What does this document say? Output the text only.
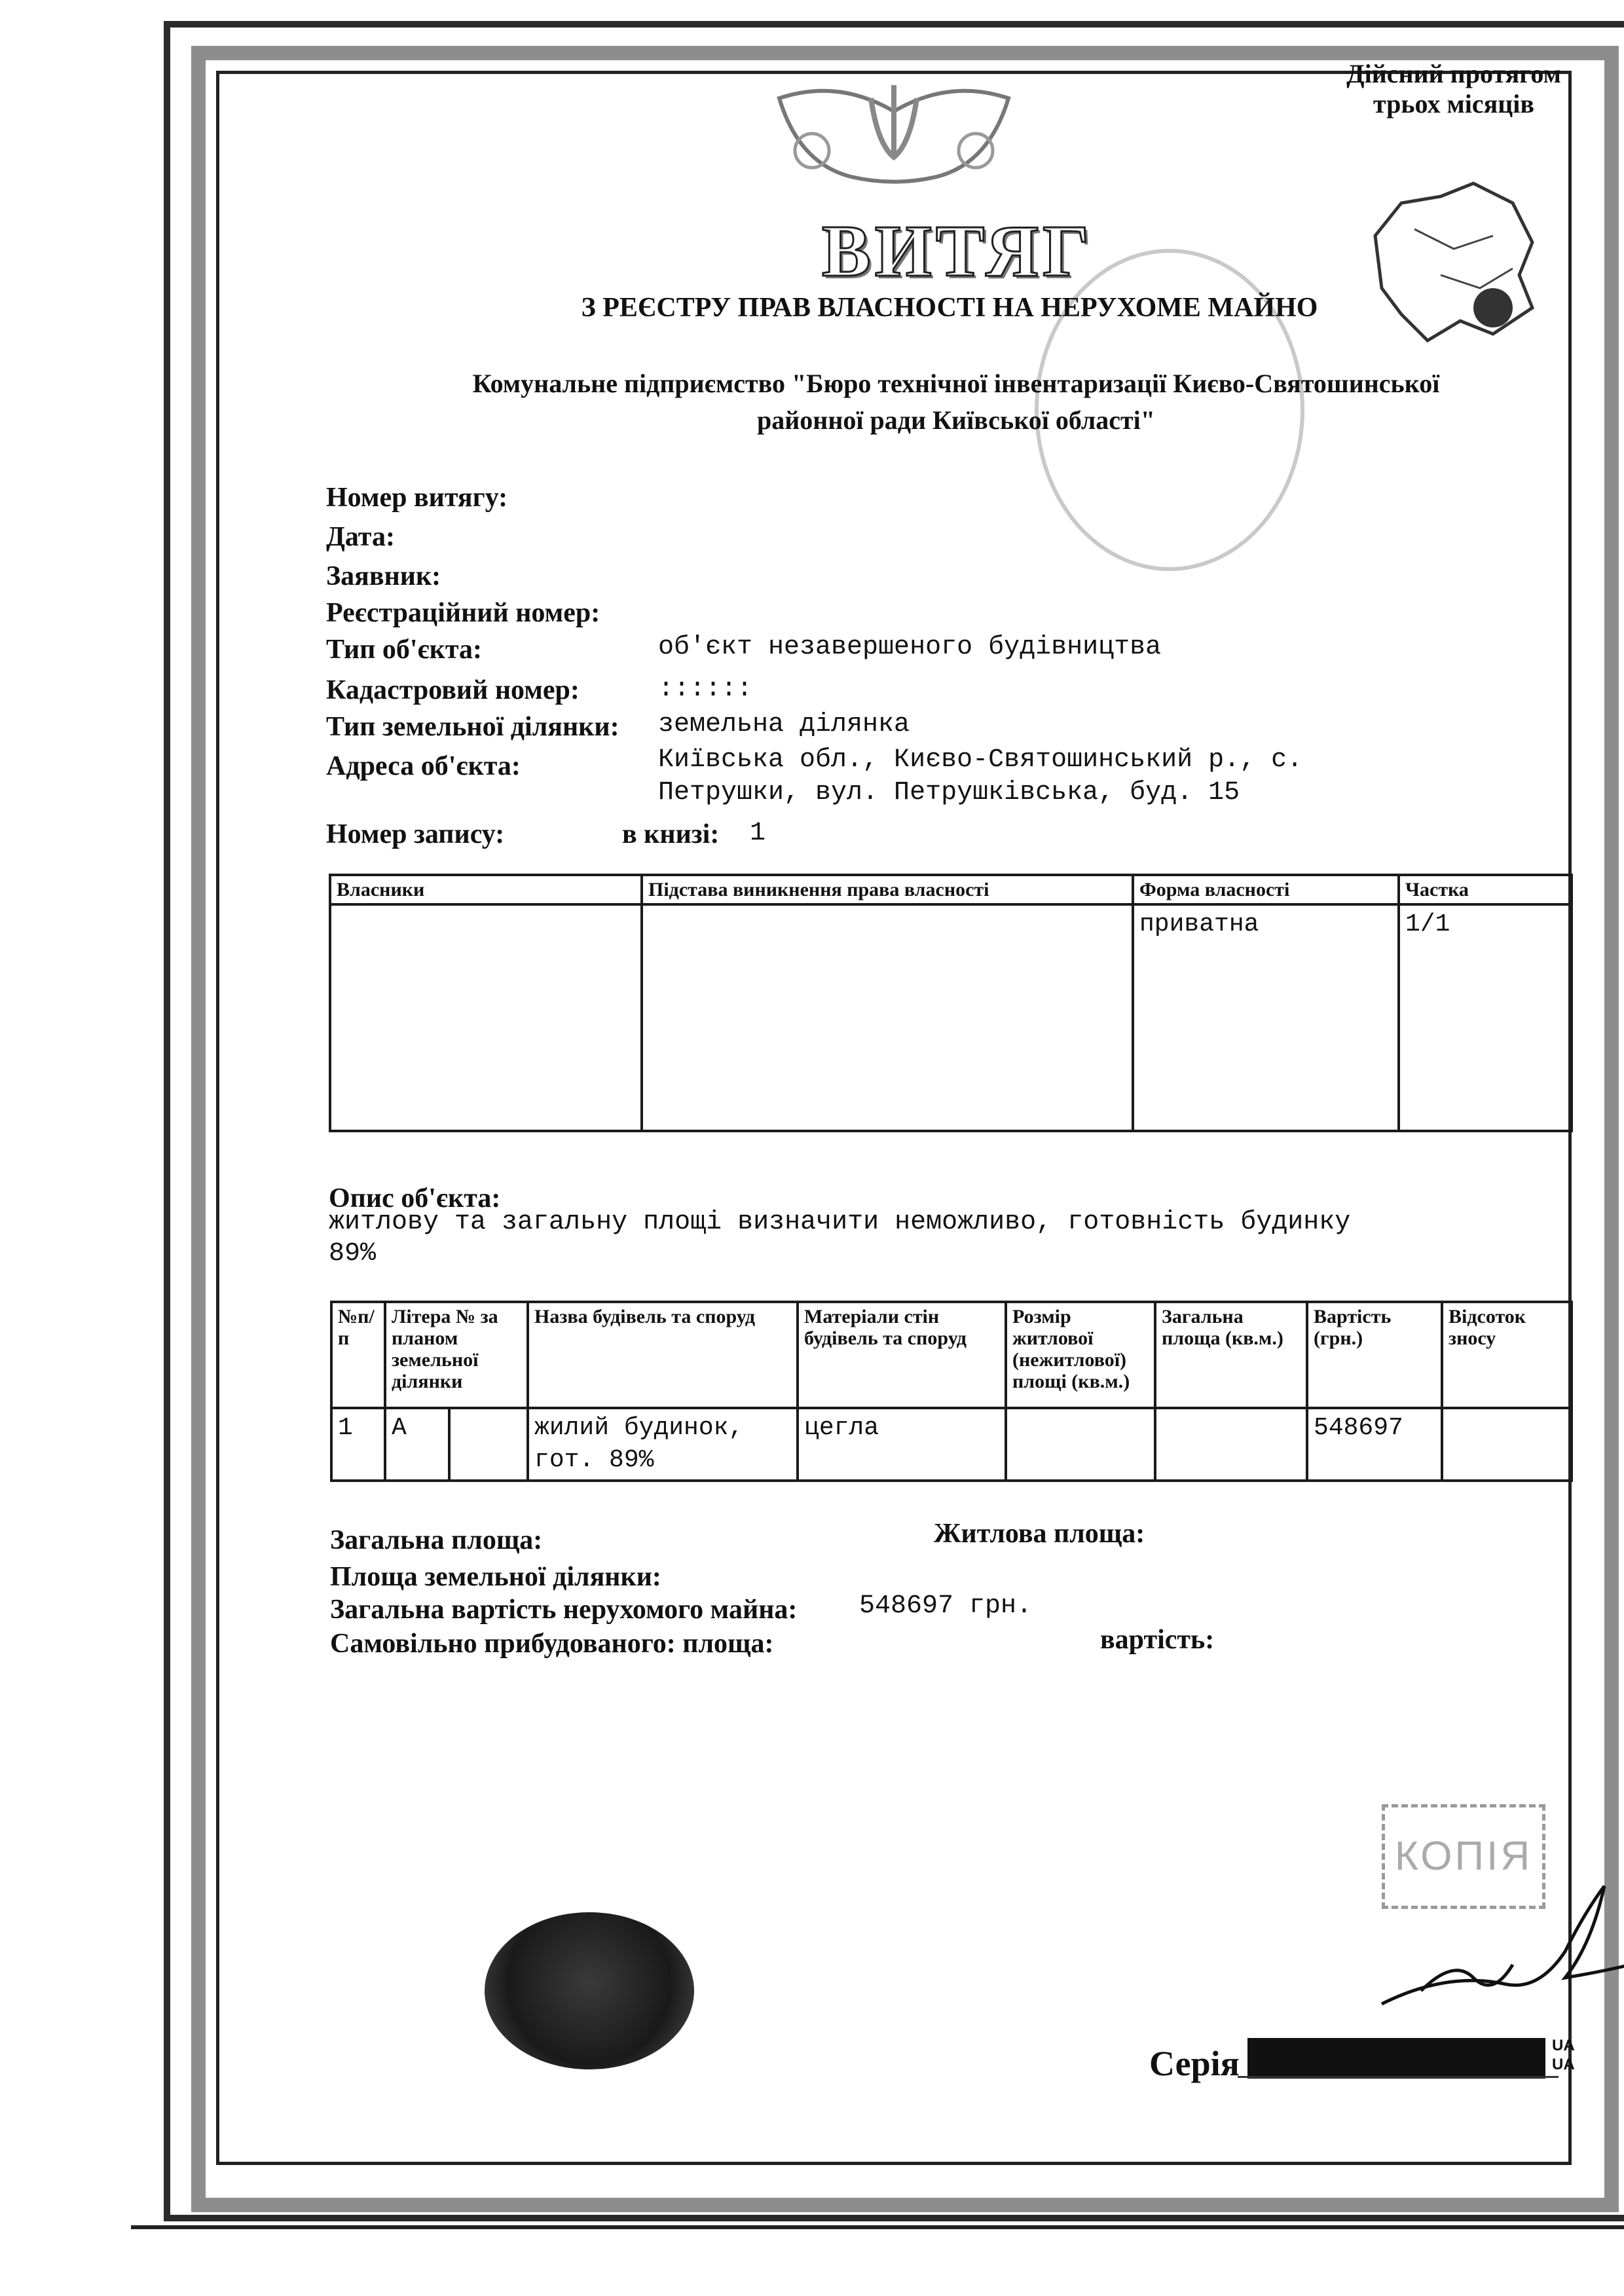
Дійсний протягом
трьох місяців
ВИТЯГ
З РЕЄСТРУ ПРАВ ВЛАСНОСТІ НА НЕРУХОМЕ МАЙНО
Комунальне підприємство "Бюро технічної інвентаризації Києво-Святошинської
районної ради Київської області"
Номер витягу:
Дата:
Заявник:
Реєстраційний номер:
Тип об'єкта:	об'єкт незавершеного будівництва
Кадастровий номер:	::::::
Тип земельної ділянки: земельна ділянка
Адреса об'єкта:	Київська обл., Києво-Святошинський р., с.
Петрушки, вул. Петрушківська, буд. 15
Номер запису:	в книзі: 1
Власники	Підстава виникнення права власності	Форма власності	Частка
		приватна	1/1
Опис об'єкта:
житлову та загальну площі визначити неможливо, готовність будинку
89%
№п/п	Літера № за планом земельної ділянки		Назва будівель та споруд	Матеріали стін будівель та споруд	Розмір житлової (нежитлової) площі (кв.м.)	Загальна площа (кв.м.)	Вартість (грн.)	Відсоток зносу
1	А		жилий будинок, гот. 89%	цегла			548697	
Загальна площа:	Житлова площа:
Площа земельної ділянки:
Загальна вартість нерухомого майна: 548697 грн.
Самовільно прибудованого: площа:	вартість:
КОПІЯ
Серія	UA
UA
